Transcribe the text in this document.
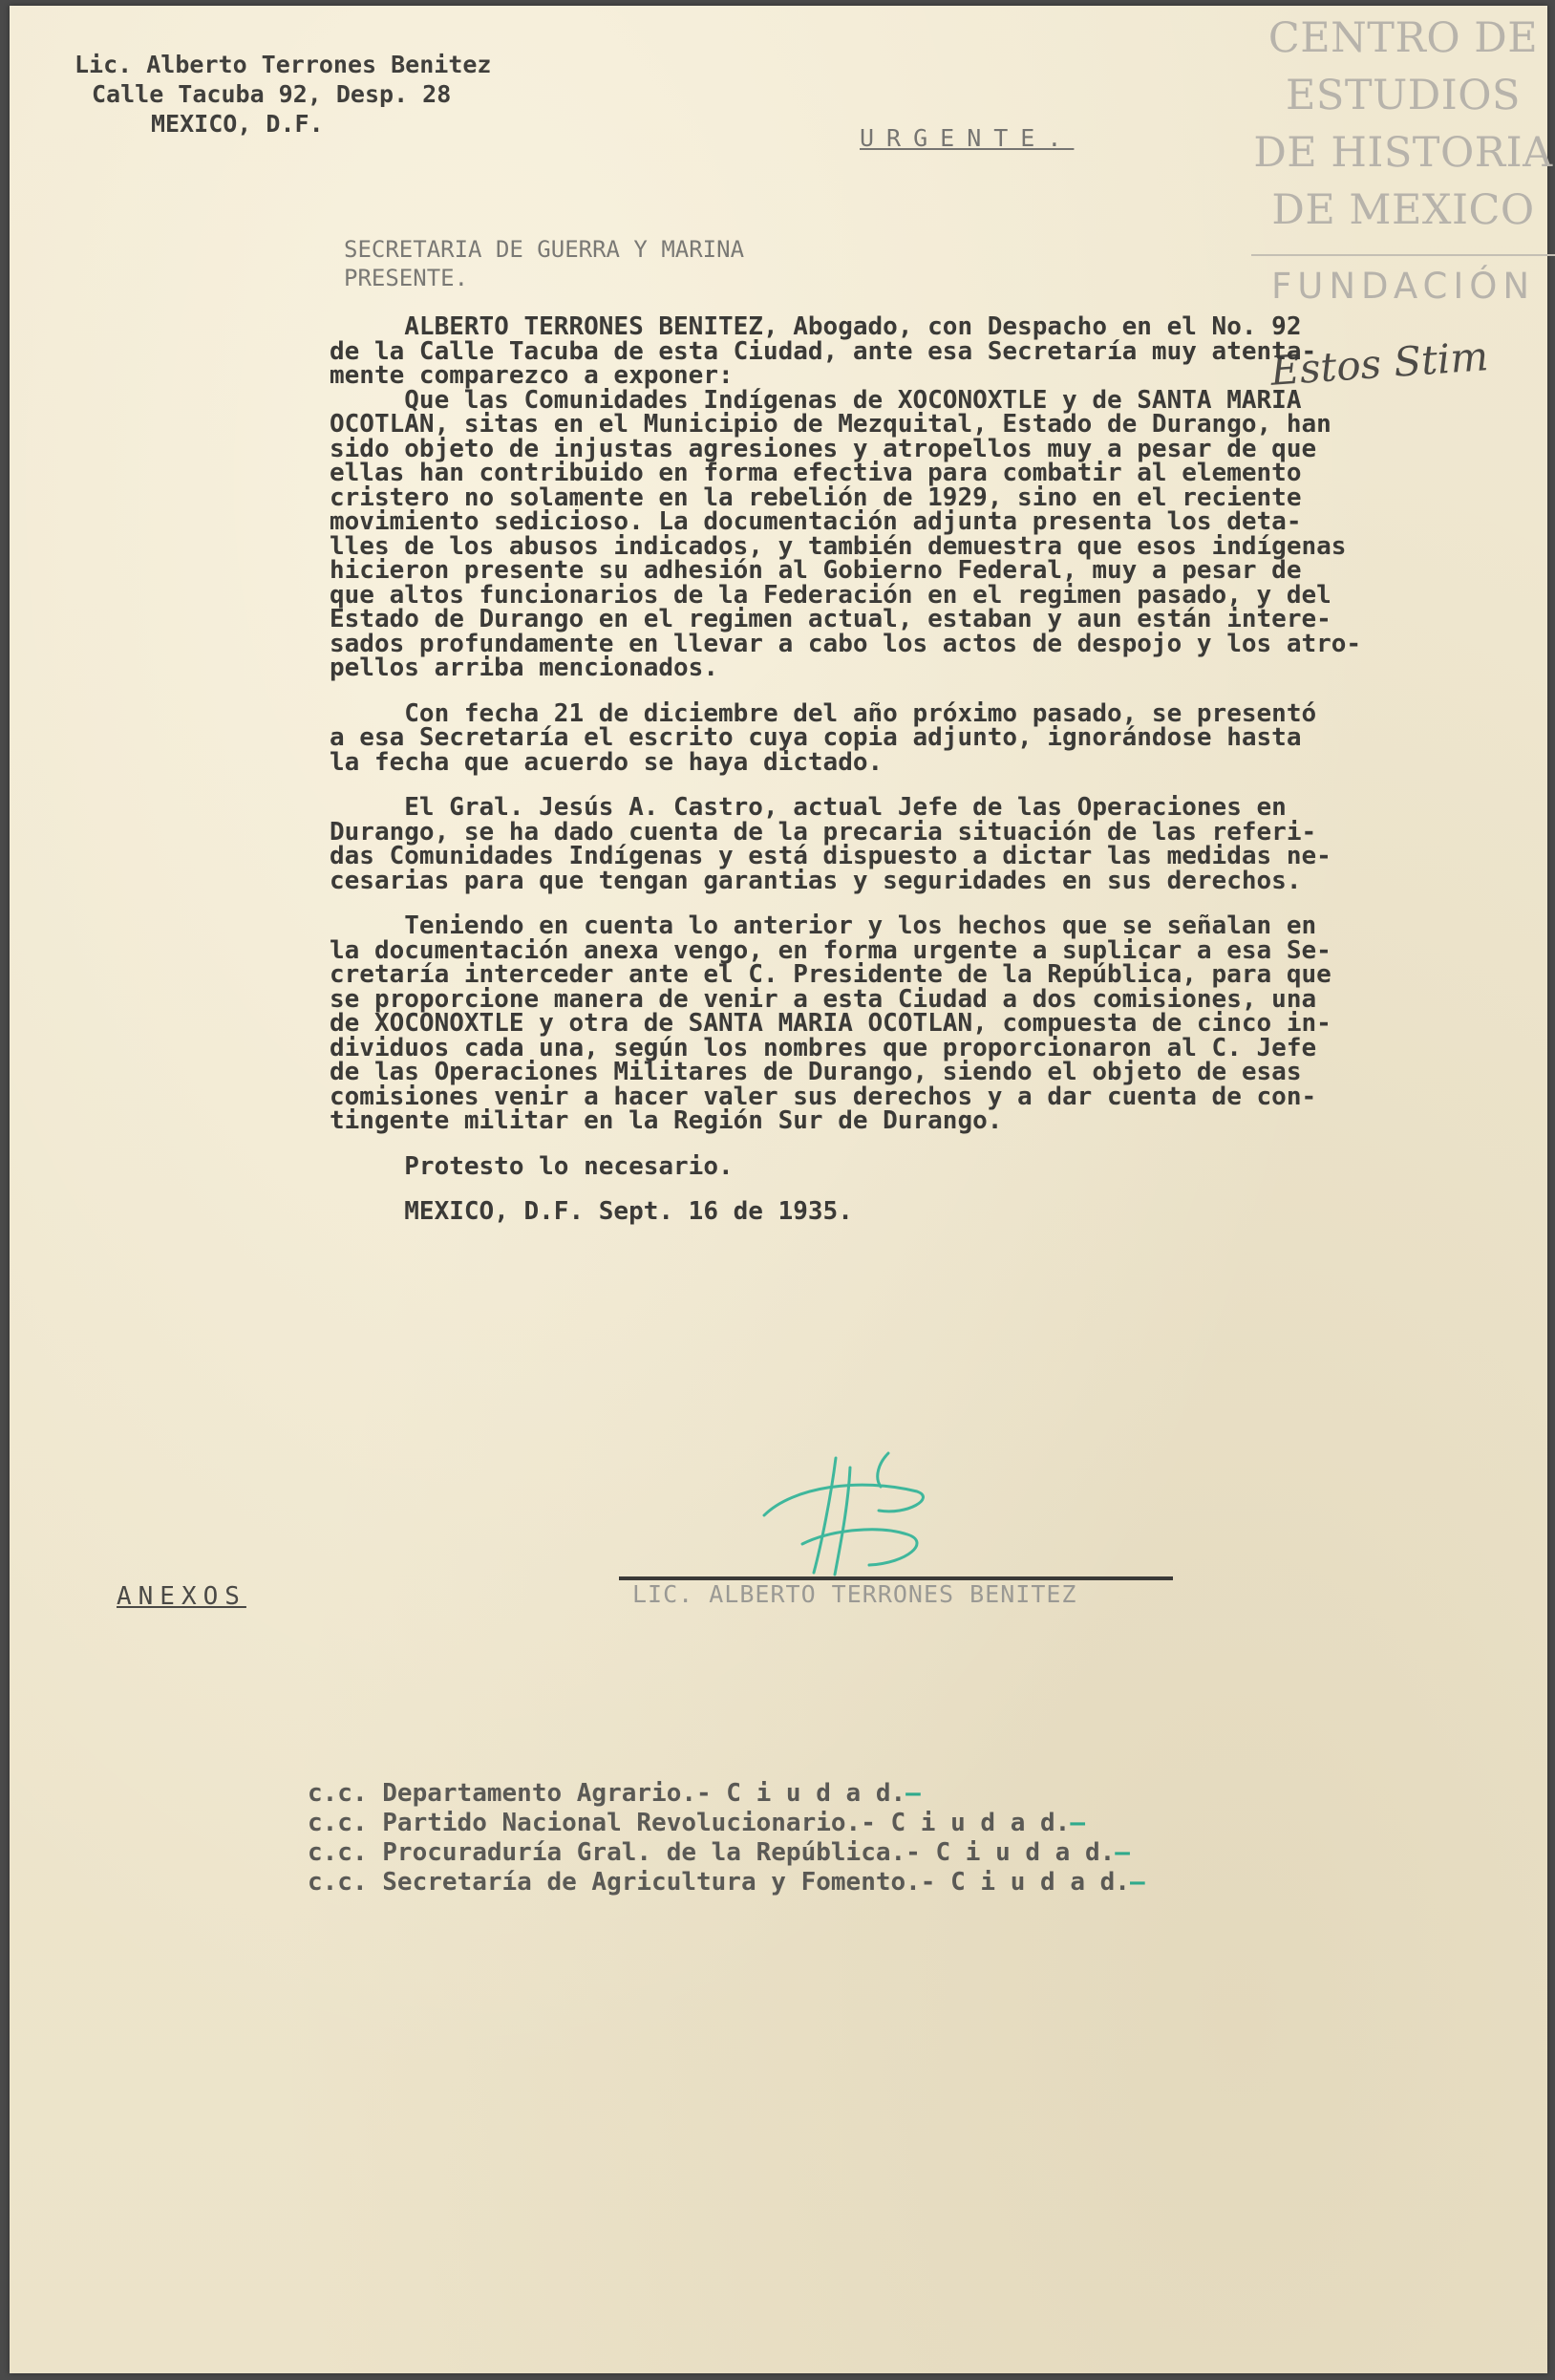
CENTRO DE
ESTUDIOS
DE HISTORIA
DE MEXICO
FUNDACIÓN
Lic. Alberto Terrones Benitez
Calle Tacuba 92, Desp. 28
MEXICO, D.F.
URGENTE.
Estos Stim
SECRETARIA DE GUERRA Y MARINA
PRESENTE.
ALBERTO TERRONES BENITEZ, Abogado, con Despacho en el No. 92
de la Calle Tacuba de esta Ciudad, ante esa Secretaría muy atenta-
mente comparezco a exponer:
Que las Comunidades Indígenas de XOCONOXTLE y de SANTA MARIA
OCOTLAN, sitas en el Municipio de Mezquital, Estado de Durango, han
sido objeto de injustas agresiones y atropellos muy a pesar de que
ellas han contribuido en forma efectiva para combatir al elemento
cristero no solamente en la rebelión de 1929, sino en el reciente
movimiento sedicioso. La documentación adjunta presenta los deta-
lles de los abusos indicados, y también demuestra que esos indígenas
hicieron presente su adhesión al Gobierno Federal, muy a pesar de
que altos funcionarios de la Federación en el regimen pasado, y del
Estado de Durango en el regimen actual, estaban y aun están intere-
sados profundamente en llevar a cabo los actos de despojo y los atro-
pellos arriba mencionados.
Con fecha 21 de diciembre del año próximo pasado, se presentó
a esa Secretaría el escrito cuya copia adjunto, ignorándose hasta
la fecha que acuerdo se haya dictado.
El Gral. Jesús A. Castro, actual Jefe de las Operaciones en
Durango, se ha dado cuenta de la precaria situación de las referi-
das Comunidades Indígenas y está dispuesto a dictar las medidas ne-
cesarias para que tengan garantias y seguridades en sus derechos.
Teniendo en cuenta lo anterior y los hechos que se señalan en
la documentación anexa vengo, en forma urgente a suplicar a esa Se-
cretaría interceder ante el C. Presidente de la República, para que
se proporcione manera de venir a esta Ciudad a dos comisiones, una
de XOCONOXTLE y otra de SANTA MARIA OCOTLAN, compuesta de cinco in-
dividuos cada una, según los nombres que proporcionaron al C. Jefe
de las Operaciones Militares de Durango, siendo el objeto de esas
comisiones venir a hacer valer sus derechos y a dar cuenta de con-
tingente militar en la Región Sur de Durango.
Protesto lo necesario.
MEXICO, D.F. Sept. 16 de 1935.
LIC. ALBERTO TERRONES BENITEZ
ANEXOS
c.c. Departamento Agrario.- C i u d a d.—
c.c. Partido Nacional Revolucionario.- C i u d a d.—
c.c. Procuraduría Gral. de la República.- C i u d a d.—
c.c. Secretaría de Agricultura y Fomento.- C i u d a d.—
